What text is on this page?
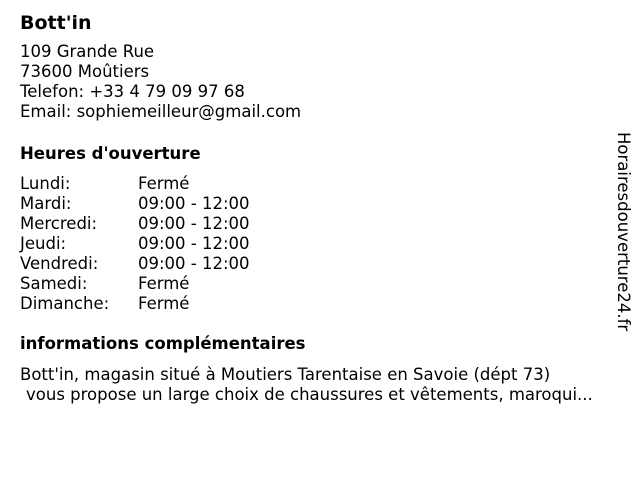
Bott'in
109 Grande Rue
73600 Moûtiers
Telefon: +33 4 79 09 97 68
Email: sophiemeilleur@gmail.com
Heures d'ouverture
Lundi:	Fermé
Mardi:	09:00 - 12:00
Mercredi:	09:00 - 12:00
Jeudi:	09:00 - 12:00
Vendredi:	09:00 - 12:00
Samedi:	Fermé
Dimanche:	Fermé
informations complémentaires
Bott'in, magasin situé à Moutiers Tarentaise en Savoie (dépt 73)
vous propose un large choix de chaussures et vêtements, maroqui...
Horairesdouverture24.fr
